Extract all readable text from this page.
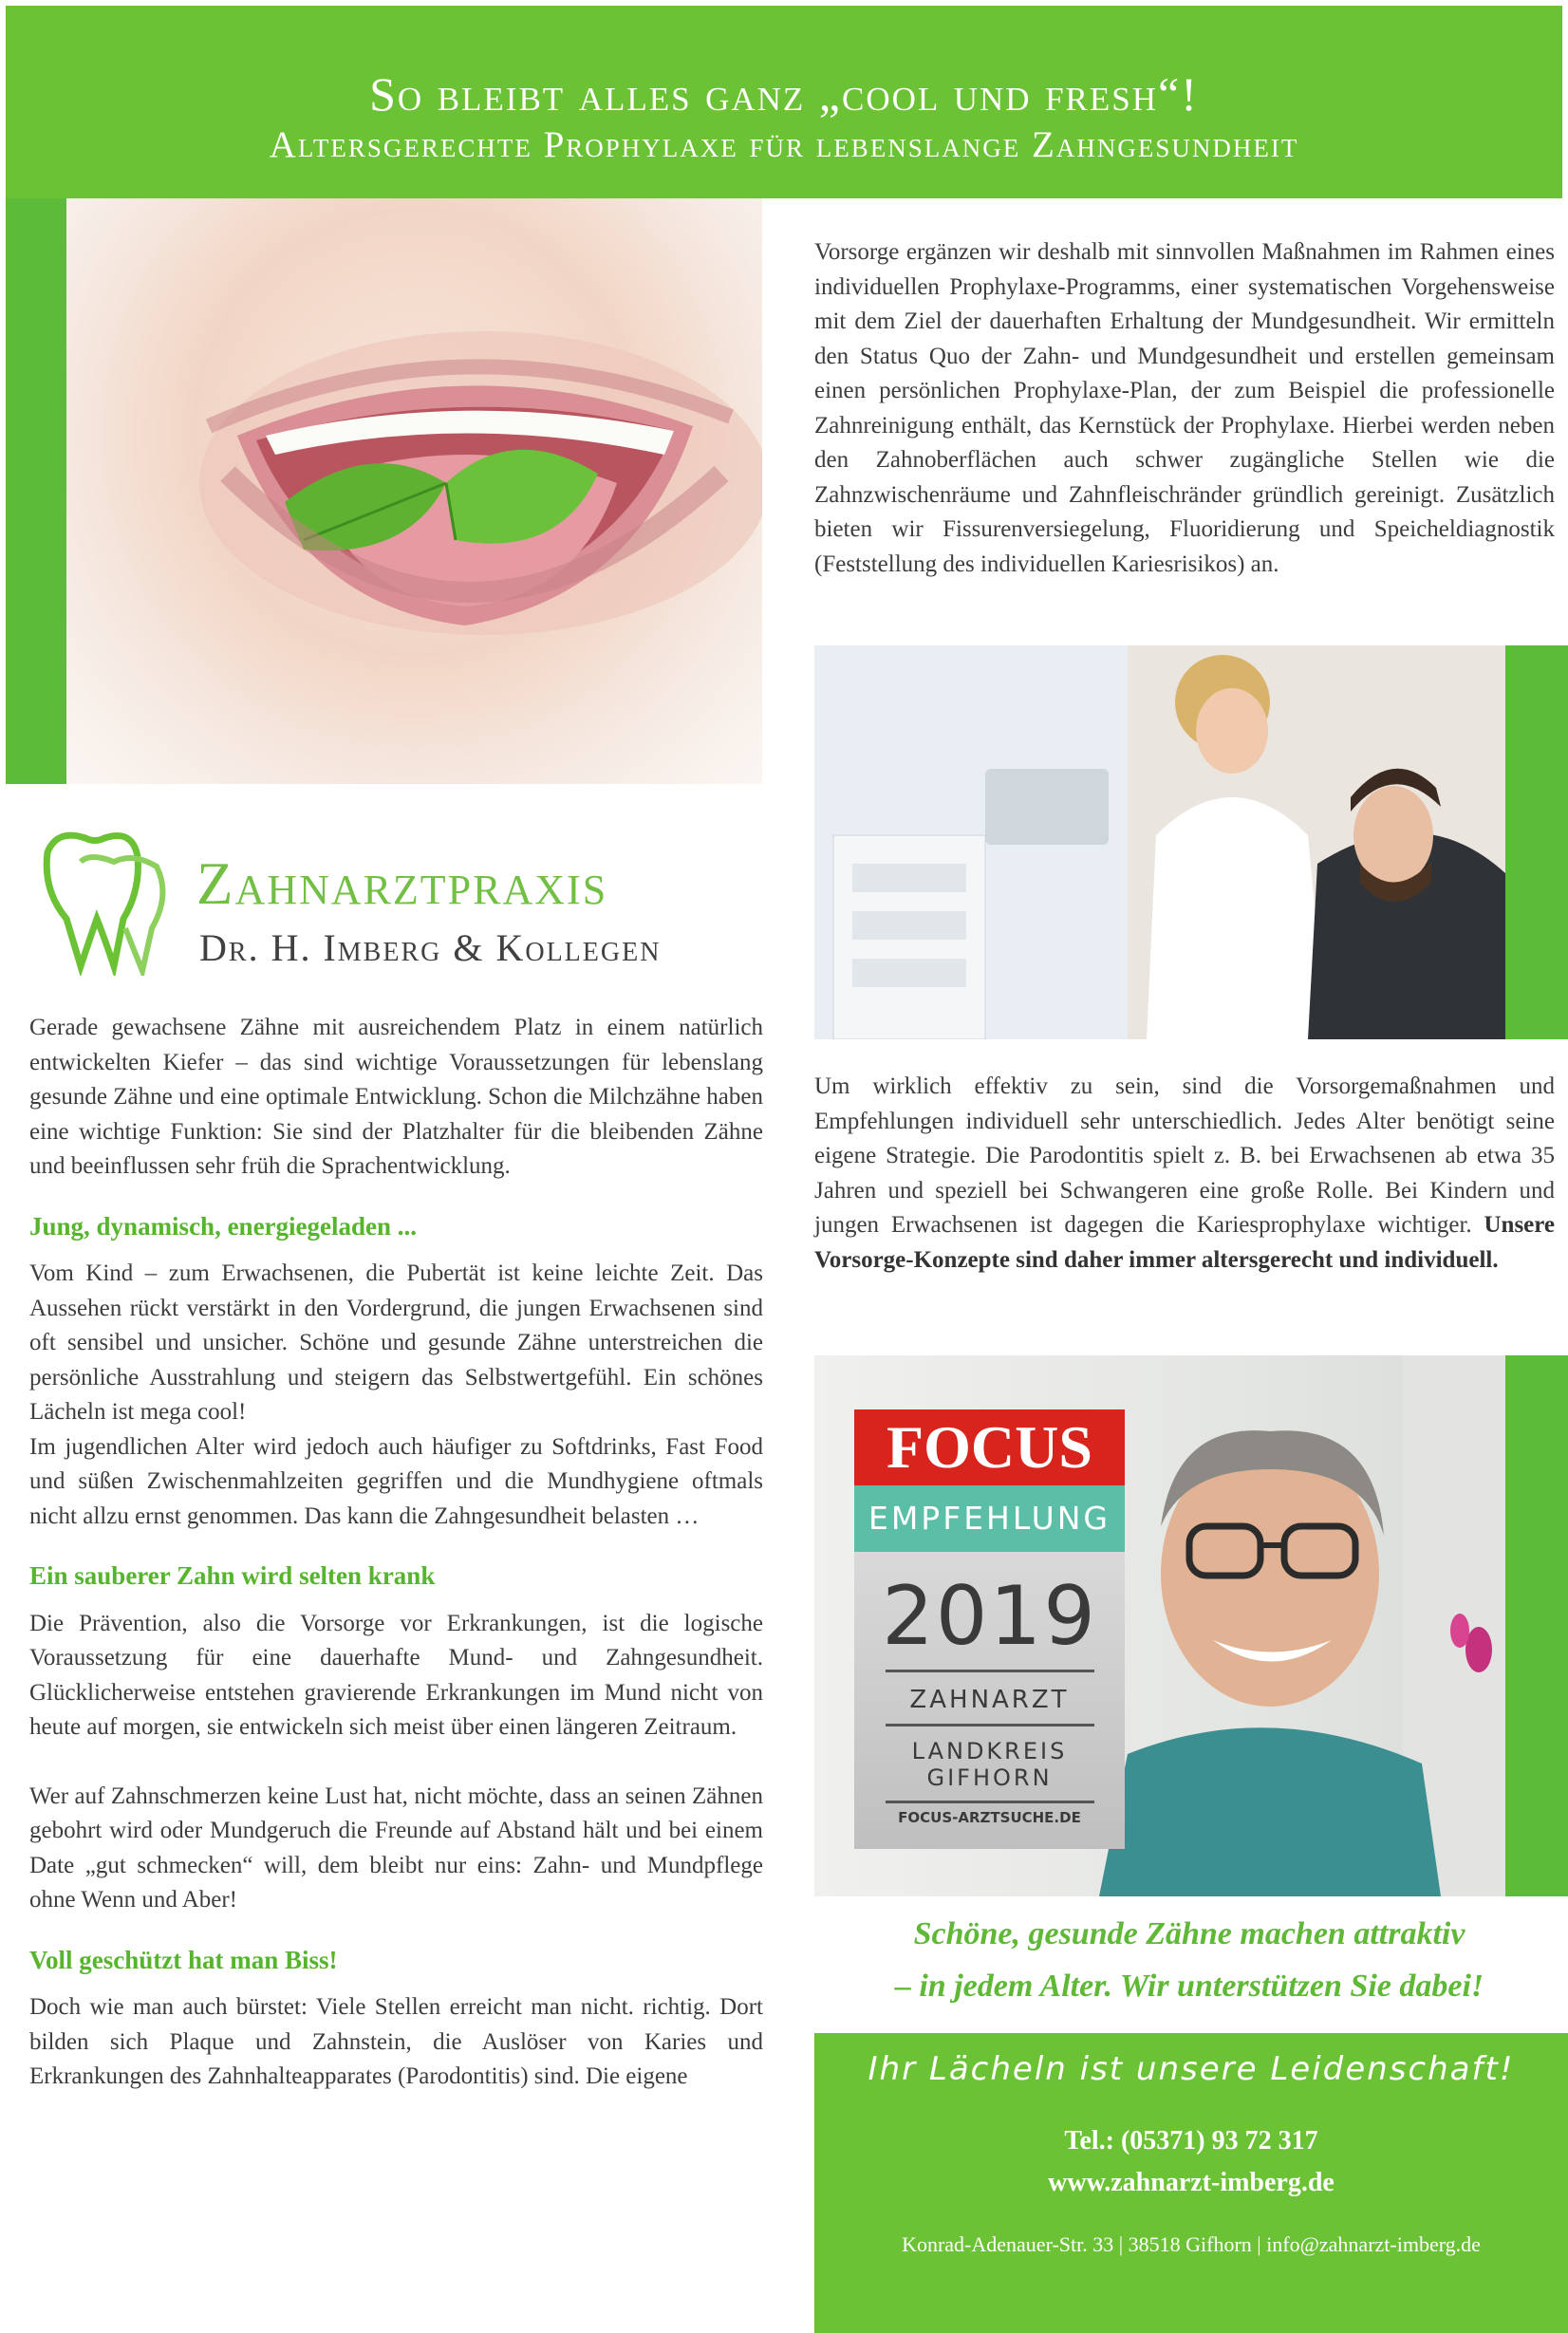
So bleibt alles ganz „cool und fresh“!
Altersgerechte Prophylaxe für lebenslange Zahngesundheit
Vorsorge ergänzen wir deshalb mit sinnvollen Maßnahmen im Rahmen eines individuellen Prophylaxe-Programms, einer systematischen Vorgehensweise mit dem Ziel der dauerhaften Erhaltung der Mundgesundheit. Wir ermitteln den Status Quo der Zahn- und Mundgesundheit und erstellen gemeinsam einen persönlichen Prophylaxe-Plan, der zum Beispiel die professionelle Zahnreinigung enthält, das Kernstück der Prophylaxe. Hierbei werden neben den Zahnoberflächen auch schwer zugängliche Stellen wie die Zahnzwischenräume und Zahnfleischränder gründlich gereinigt. Zusätzlich bieten wir Fissurenversiegelung, Fluoridierung und Speicheldiagnostik (Feststellung des individuellen Kariesrisikos) an.
Zahnarztpraxis
Dr. H. Imberg & Kollegen

Gerade gewachsene Zähne mit ausreichendem Platz in einem natürlich entwickelten Kiefer – das sind wichtige Voraussetzungen für lebenslang gesunde Zähne und eine optimale Entwicklung. Schon die Milchzähne haben eine wichtige Funktion: Sie sind der Platzhalter für die bleibenden Zähne und beeinflussen sehr früh die Sprachentwicklung.

Jung, dynamisch, energiegeladen ...

Vom Kind – zum Erwachsenen, die Pubertät ist keine leichte Zeit. Das Aussehen rückt verstärkt in den Vordergrund, die jungen Erwachsenen sind oft sensibel und unsicher. Schöne und gesunde Zähne unterstreichen die persönliche Ausstrahlung und steigern das Selbstwertgefühl. Ein schönes Lächeln ist mega cool!

Im jugendlichen Alter wird jedoch auch häufiger zu Softdrinks, Fast Food und süßen Zwischenmahlzeiten gegriffen und die Mundhygiene oftmals nicht allzu ernst genommen. Das kann die Zahngesundheit belasten …

Ein sauberer Zahn wird selten krank

Die Prävention, also die Vorsorge vor Erkrankungen, ist die logische Voraussetzung für eine dauerhafte Mund- und Zahngesundheit. Glücklicherweise entstehen gravierende Erkrankungen im Mund nicht von heute auf morgen, sie entwickeln sich meist über einen längeren Zeitraum.

Wer auf Zahnschmerzen keine Lust hat, nicht möchte, dass an seinen Zähnen gebohrt wird oder Mundgeruch die Freunde auf Abstand hält und bei einem Date „gut schmecken“ will, dem bleibt nur eins: Zahn- und Mundpflege ohne Wenn und Aber!

Voll geschützt hat man Biss!

Doch wie man auch bürstet: Viele Stellen erreicht man nicht. richtig. Dort bilden sich Plaque und Zahnstein, die Auslöser von Karies und Erkrankungen des Zahnhalteapparates (Parodontitis) sind. Die eigene

Um wirklich effektiv zu sein, sind die Vorsorgemaßnahmen und Empfehlungen individuell sehr unterschiedlich. Jedes Alter benötigt seine eigene Strategie. Die Parodontitis spielt z. B. bei Erwachsenen ab etwa 35 Jahren und speziell bei Schwangeren eine große Rolle. Bei Kindern und jungen Erwachsenen ist dagegen die Kariesprophylaxe wichtiger. Unsere Vorsorge-Konzepte sind daher immer altersgerecht und individuell.
FOCUS
EMPFEHLUNG
2019
ZAHNARZT
LANDKREIS
GIFHORN
FOCUS-ARZTSUCHE.DE
Schöne, gesunde Zähne machen attraktiv
– in jedem Alter. Wir unterstützen Sie dabei!
Ihr Lächeln ist unsere Leidenschaft!
Tel.: (05371) 93 72 317
www.zahnarzt-imberg.de
Konrad-Adenauer-Str. 33 | 38518 Gifhorn | info@zahnarzt-imberg.de
